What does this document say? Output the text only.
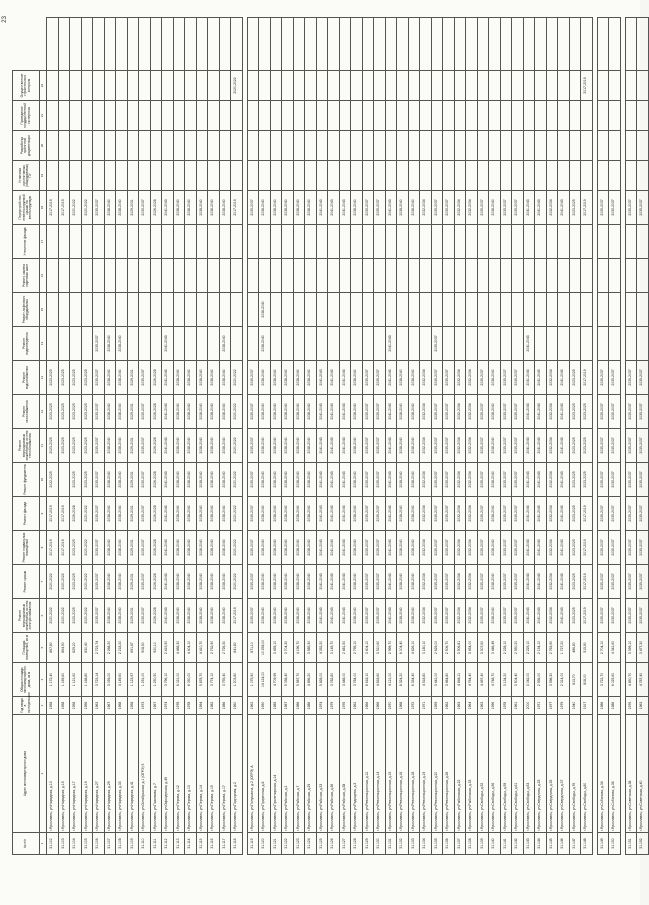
23
№ п/п	Адрес многоквартирного дома	Год ввода в эксплуатацию	Общая площадь многоквартирного дома, кв.м	Площадь помещений, кв.м	Ремонт внутридомовых инженерных систем электроснабжения	Ремонт крыши	Ремонт подвальных помещений	Ремонт фасада	Ремонт фундамента	Ремонт внутридомовых инженерных систем теплоснабжения	Ремонт газоснабжения	Ремонт водоснабжения	Ремонт водоотведения	Ремонт лифтового оборудования	Ремонт, замена лифтовых шахт	Утепление фасада	Переустройство невентилируемой крыши на вентилируемую	Установка коллективных (общедомовых) ПУ	Разработка проектной документации	Проведение государственной экспертизы	Осуществление строительного контроля	
1	2	3	4	5	6	7	8	9	10	11	12	13	14	15	16	17	18	19	20	21	22	
31.102	г.Ярославль, ул.Нарядная, д.13	1958	1 172,40	867,80	2020-2022	2020-2022	2017-2019	2017-2019	2022-2025	2023-2025	2023-2025	2023-2025					2017-2019					
31.103	г.Ярославль, ул.Нарядная, д.15	1958	1 169,60	864,90	2020-2022	2020-2022	2017-2019	2017-2019		2023-2025	2023-2025	2023-2025					2017-2019					
31.104	г.Ярославль, ул.Нарядная, д.17	1958	1 121,60	829,20	2023-2025	2023-2025	2023-2025	2026-2028	2023-2025	2023-2025	2023-2025	2023-2025					2020-2022					
31.105	г.Ярославль, ул.Нарядная, д.19	1956	1 168,80	830,40	2020-2022	2020-2022	2020-2022	2020-2022	2023-2025	2023-2025	2023-2025	2023-2025					2020-2022					
31.106	г.Ярославль, ул.Нарядная, д.27	1963	3 723,14	2 723,74	2035-2037	2035-2037	2035-2037	2035-2037	2035-2037	2035-2037	2035-2037	2035-2037	2035-2037				2035-2037					
31.107	г.Ярославль, ул.Нарядная, д.29	1967	3 093,00	2 268,20	2038-2040	2038-2040	2038-2040	2038-2040	2038-2040	2038-2040	2038-2040	2038-2040	2038-2040				2038-2040					
31.108	г.Ярославль, ул.Нарядная, д.33	1968	3 149,60	2 218,20	2038-2040	2038-2040	2038-2040	2038-2040	2038-2040	2038-2040	2038-2040	2038-2040	2038-2040				2038-2040					
31.109	г.Ярославль, ул.Нарядная, д.41	1958	1 123,97	691,67	2029-2031	2029-2031	2029-2031	2029-2031	2029-2031	2029-2031	2029-2031	2029-2031					2029-2031					
31.110	г.Ярославль, ул.Октябрьская, д.1 (ОГРЭ) 5	1973	1 291,00	908,50	2035-2037	2035-2037	2035-2037	2035-2037	2035-2037	2035-2037	2035-2037	2035-2037					2035-2037					
31.111	г.Ярославль, ул.Пахомова, д.7	1967	1 250,50	920,10	2026-2028	2026-2028	2026-2028	2026-2028	2026-2028	2026-2028	2026-2028	2026-2028					2026-2028					
31.112	г.Ярославль, ул.Офицерская, д.49	1974	3 796,10	2 415,90	2041-2043	2041-2043	2041-2043	2041-2043	2041-2043	2041-2043	2041-2043	2041-2043	2041-2043				2041-2043					
31.113	г.Ярославль, ул.Перова, д.12	1978	6 021,00	4 468,30	2038-2040	2038-2040	2038-2040	2038-2040	2038-2040	2038-2040	2038-2040	2038-2040					2038-2040					
31.114	г.Ярославль, ул.Перова, д.13	1978	6 050,00	4 404,10	2038-2040	2038-2040	2038-2040	2038-2040	2038-2040	2038-2040	2038-2040	2038-2040					2038-2040					
31.115	г.Ярославль, ул.Перова, д.14	1994	5 878,70	4 410,70	2038-2040	2038-2040	2038-2040	2038-2040	2038-2040	2038-2040	2038-2040	2038-2040					2038-2040					
31.116	г.Ярославль, ул.Перова, д.15	1982	3 774,10	2 732,90	2038-2040	2038-2040	2038-2040	2038-2040	2038-2040	2038-2040	2038-2040	2038-2040					2038-2040					
31.117	г.Ярославль, ул.Перова, д.17	1986	3 755,40	2 726,30	2038-2040	2038-2040	2038-2040	2038-2040	2038-2040	2038-2040	2038-2040	2038-2040	2038-2040				2038-2040					
31.118	г.Ярославль, ул.Подгорная, д.2	1960	1 203,80	841,80	2017-2019	2020-2022	2020-2022	2020-2022	2020-2022	2020-2022	2020-2022	2020-2022					2017-2019				2020-2022	

31.119	г.Ярославль, ул.Полушкина, д.2 (ОГРЭ) А	1962	1 075,90	871,10	2035-2037	2035-2037	2035-2037	2035-2037	2035-2037	2035-2037	2035-2037	2035-2037					2035-2037					
31.120	г.Ярославль, ул.Приречная, д.8	1990	14 124,00	10 258,00	2038-2040	2038-2040	2038-2040	2038-2040	2038-2040	2038-2040	2038-2040	2038-2040	2038-2040	2038-2040			2038-2040					
31.121	г.Ярославль, ул.Пролетарская, д.14	1985	4 709,99	3 459,10	2038-2040	2038-2040	2038-2040	2038-2040	2038-2040	2038-2040	2038-2040	2038-2040					2038-2040					
31.122	г.Ярославль, ул.Рабочая, д.2	1987	5 058,40	3 704,30	2038-2040	2038-2040	2038-2040	2038-2040	2038-2040	2038-2040	2038-2040	2038-2040					2038-2040					
31.123	г.Ярославль, ул.Рабочая, д.7	1986	5 587,70	4 196,70	2038-2040	2038-2040	2038-2040	2038-2040	2038-2040	2038-2040	2038-2040	2038-2040					2038-2040					
31.124	г.Ярославль, ул.Рабочая, д.29	1986	4 856,20	3 585,30	2038-2040	2038-2040	2038-2040	2038-2040	2038-2040	2038-2040	2038-2040	2038-2040					2038-2040					
31.125	г.Ярославль, ул.Рабочая, д.33	1974	5 828,00	4 352,20	2041-2043	2041-2043	2041-2043	2041-2043	2041-2043	2041-2043	2041-2043	2041-2043					2041-2043					
31.126	г.Ярославль, ул.Рабочая, д.36	1979	3 782,80	3 145,70	2041-2043	2041-2043	2041-2043	2041-2043	2041-2043	2041-2043	2041-2043	2041-2043					2041-2043					
31.127	г.Ярославль, ул.Рабочая, д.38	1976	3 448,00	2 481,50	2041-2043	2041-2043	2041-2043	2041-2043	2041-2043	2041-2043	2041-2043	2041-2043					2041-2043					
31.128	г.Ярославль, ул.Радищева, д.3	1962	3 784,00	2 795,10	2038-2040	2038-2040	2038-2040	2038-2040	2038-2040	2038-2040	2038-2040	2038-2040					2038-2040					
31.129	г.Ярославль, ул.Революционная, д.12	1966	6 618,10	3 404,10	2035-2037	2035-2037	2035-2037	2035-2037	2035-2037	2035-2037	2035-2037	2035-2037					2035-2037					
31.130	г.Ярославль, ул.Революционная, д.14	1966	4 818,60	3 510,60	2035-2037	2035-2037	2035-2037	2035-2037	2035-2037	2035-2037	2035-2037	2035-2037					2035-2037					
31.131	г.Ярославль, ул.Революционная, д.15	1970	4 121,00	2 999,70	2041-2043	2041-2043	2041-2043	2041-2043	2041-2043	2041-2043	2041-2043	2041-2043	2041-2043				2041-2043					
31.132	г.Ярославль, ул.Революционная, д.16	1968	8 324,20	6 004,40	2038-2040	2038-2040	2038-2040	2038-2040	2038-2040	2038-2040	2038-2040	2038-2040					2038-2040					
31.133	г.Ярославль, ул.Революционная, д.18	1972	6 334,40	4 626,10	2038-2040	2038-2040	2038-2040	2038-2040	2038-2040	2038-2040	2038-2040	2038-2040					2038-2040					
31.134	г.Ярославль, ул.Революционная, д.19	1971	4 518,80	3 180,10	2032-2034	2032-2034	2032-2034	2032-2034	2032-2034	2032-2034	2032-2034	2032-2034					2032-2034					
31.135	г.Ярославль, ул.Революционная, д.20	1959	3 441,00	2 629,00	2035-2037	2035-2037	2035-2037	2035-2037	2035-2037	2035-2037	2035-2037	2035-2037	2035-2037				2035-2037					
31.136	г.Ярославль, ул.Революционная, д.26	1962	3 464,80	2 506,70	2035-2037	2035-2037	2035-2037	2035-2037	2035-2037	2035-2037	2035-2037	2035-2037					2035-2037					
31.137	г.Ярославль, ул.Рыбинская, д.22	1963	4 844,11	3 506,81	2032-2034	2032-2034	2032-2034	2032-2034	2032-2034	2032-2034	2032-2034	2032-2034					2032-2034					
31.138	г.Ярославль, ул.Рыбинская, д.33	1964	4 764,40	3 454,00	2032-2034	2032-2034	2032-2034	2032-2034	2032-2034	2032-2034	2032-2034	2032-2034					2032-2034					
31.139	г.Ярославль, ул.Свободы, д.52	1963	4 497,40	3 307,60	2035-2037	2035-2037	2035-2037	2035-2037	2035-2037	2035-2037	2035-2037	2035-2037					2035-2037					
31.140	г.Ярославль, ул.Свободы, д.56	1996	4 748,70	3 446,49	2038-2040	2038-2040	2038-2040	2038-2040	2038-2040	2038-2040	2038-2040	2038-2040					2038-2040					
31.141	г.Ярославль, ул.Свободы, д.59	1978	3 134,20	2 228,10	2035-2037	2035-2037	2035-2037	2035-2037	2035-2037	2035-2037	2035-2037	2035-2037					2035-2037					
31.142	г.Ярославль, ул.Свободы, д.61	1961	3 504,40	2 550,20	2035-2037	2035-2037	2035-2037	2035-2037	2035-2037	2035-2037	2035-2037	2035-2037					2035-2037					
31.143	г.Ярославль, ул.Свободы, д.63	2000	3 042,00	2 225,10	2041-2043	2041-2043	2041-2043	2041-2043	2041-2043	2041-2043	2041-2043	2041-2043	2041-2043				2041-2043					
31.144	г.Ярославль, ул.Свердлова, д.33	1971	2 936,00	2 154,10	2041-2043	2041-2043	2041-2043	2041-2043	2041-2043	2041-2043	2041-2043	2041-2043					2041-2043					
31.145	г.Ярославль, ул.Свердлова, д.35	1977	3 598,30	2 763,90	2032-2034	2032-2034	2032-2034	2032-2034	2032-2034	2032-2034	2032-2034	2032-2034					2032-2034					
31.146	г.Ярославль, ул.Свердлова, д.37	1979	2 314,00	1 727,20	2041-2043	2041-2043	2041-2043	2041-2043	2041-2043	2041-2043	2041-2043	2041-2043					2041-2043					
31.147	г.Ярославль, ул.Свободы, д.76	1940	813,70	486,80	2023-2025	2023-2025	2023-2025	2023-2025	2023-2025	2023-2025	2023-2025	2023-2025					2023-2025					
31.148	г.Ярославль, ул.Свободы, д.80	1917	808,00	515,90	2017-2019	2017-2019	2017-2019	2017-2019	2023-2025	2023-2025	2023-2025	2017-2019					2017-2019				2017-2019	

31.149	г.Ярославль, ул.Собинова, д.34	1986	3 722,70	2 704,10	2035-2037	2035-2037	2035-2037	2035-2037	2035-2037	2035-2037	2035-2037	2035-2037					2035-2037					
31.150	г.Ярославль, ул.Собинова, д.36	1986	6 025,60	4 341,60	2035-2037	2035-2037	2035-2037	2035-2037	2035-2037	2035-2037	2035-2037	2035-2037					2035-2037					

31.151	г.Ярославль, ул.Советская, д.38	1976	4 850,70	3 399,10	2035-2037	2035-2037	2035-2037	2035-2037	2035-2037	2035-2037	2035-2037	2035-2037					2035-2037					
31.152	г.Ярославль, ул.Советская, д.40	1963	4 787,40	3 477,30	2035-2037	2035-2037	2035-2037	2035-2037	2035-2037	2035-2037	2035-2037	2035-2037					2035-2037					
